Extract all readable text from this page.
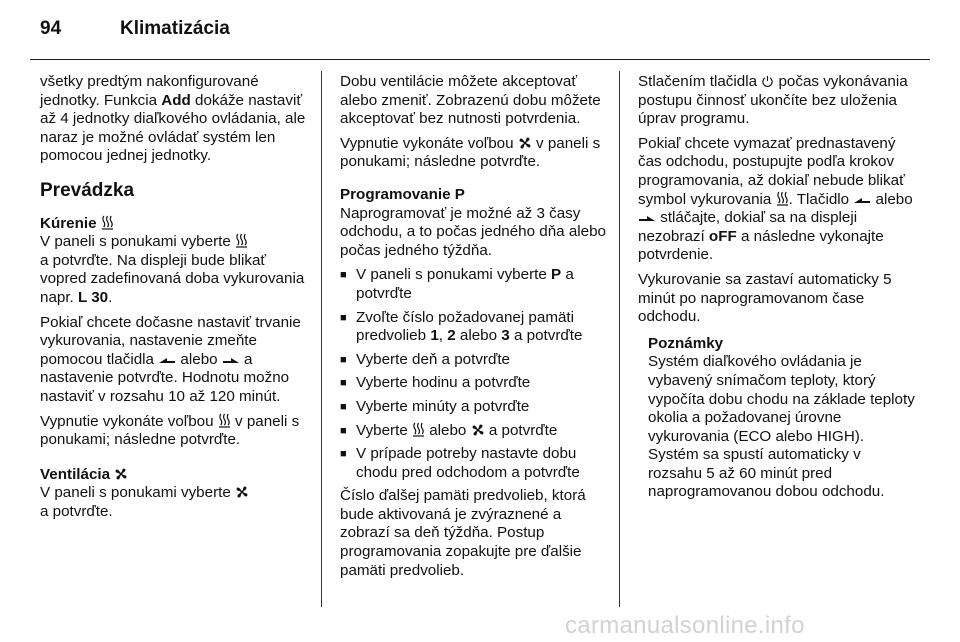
94	Klimatizácia

všetky predtým nakonfigurované jednotky. Funkcia Add dokáže nastaviť až 4 jednotky diaľkového ovládania, ale naraz je možné ovládať systém len pomocou jednej jednotky.

Prevádzka
Kúrenie

V paneli s ponukami vyberte
a potvrďte. Na displeji bude blikať vopred zadefinovaná doba vykurovania napr. L 30.

Pokiaľ chcete dočasne nastaviť trvanie vykurovania, nastavenie zmeňte pomocou tlačidla  alebo  a nastavenie potvrďte. Hodnotu možno nastaviť v rozsahu 10 až 120 minút.

Vypnutie vykonáte voľbou  v paneli s ponukami; následne potvrďte.

Ventilácia

V paneli s ponukami vyberte
a potvrďte.

Dobu ventilácie môžete akceptovať alebo zmeniť. Zobrazenú dobu môžete akceptovať bez nutnosti potvrdenia.

Vypnutie vykonáte voľbou  v paneli s ponukami; následne potvrďte.

Programovanie P

Naprogramovať je možné až 3 časy odchodu, a to počas jedného dňa alebo počas jedného týždňa.

■ V paneli s ponukami vyberte P a potvrďte
■ Zvoľte číslo požadovanej pamäti predvolieb 1, 2 alebo 3 a potvrďte
■ Vyberte deň a potvrďte
■ Vyberte hodinu a potvrďte
■ Vyberte minúty a potvrďte
■ Vyberte  alebo  a potvrďte
■ V prípade potreby nastavte dobu chodu pred odchodom a potvrďte

Číslo ďalšej pamäti predvolieb, ktorá bude aktivovaná je zvýraznené a zobrazí sa deň týždňa. Postup programovania zopakujte pre ďalšie pamäti predvolieb.

Stlačením tlačidla  počas vykonávania postupu činnosť ukončíte bez uloženia úprav programu.

Pokiaľ chcete vymazať prednastavený čas odchodu, postupujte podľa krokov programovania, až dokiaľ nebude blikať symbol vykurovania . Tlačidlo  alebo  stláčajte, dokiaľ sa na displeji nezobrazí oFF a následne vykonajte potvrdenie.

Vykurovanie sa zastaví automaticky 5 minút po naprogramovanom čase odchodu.

Poznámky

Systém diaľkového ovládania je vybavený snímačom teploty, ktorý vypočíta dobu chodu na základe teploty okolia a požadovanej úrovne vykurovania (ECO alebo HIGH).

Systém sa spustí automaticky v rozsahu 5 až 60 minút pred naprogramovanou dobou odchodu.

carmanualsonline.info
